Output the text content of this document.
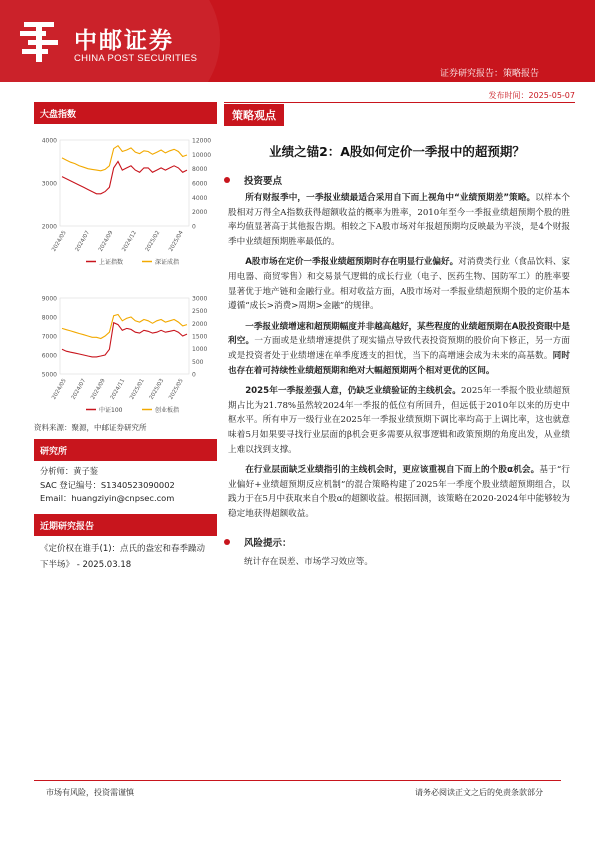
中邮证券
CHINA POST SECURITIES
证券研究报告：策略报告
发布时间：2025-05-07
大盘指数
4000
3000
2000
12000
10000
8000
6000
4000
2000
0
2024/05 2024/07 2024/09 2024/12 2025/02 2025/04
上证指数	深证成指
9000
8000
7000
6000
5000
3000
2500
2000
1500
1000
500
0
2024/05 2024/07 2024/09 2024/11 2025/01 2025/03 2025/05
中证100	创业板指
资料来源：聚源，中邮证券研究所
研究所
分析师：黄子鉴
SAC 登记编号：S1340523090002
Email：huangziyin@cnpsec.com
近期研究报告
《定价权在谁手(1)：点氏的盎宏和春季躁动下半场》 - 2025.03.18
策略观点
业绩之锚2：A股如何定价一季报中的超预期？
投资要点
所有财报季中，一季报业绩最适合采用自下而上视角中“业绩预期差”策略。以样本个股相对万得全A指数获得超额收益的概率为胜率，2010年至今一季报业绩超预期个股的胜率均值显著高于其他报告期。相较之下A股市场对年报超预期均反映最为平淡，是4个财报季中业绩超预期胜率最低的。
A股市场在定价一季报业绩超预期时存在明显行业偏好。对消费类行业（食品饮料、家用电器、商贸零售）和交易景气逻辑的成长行业（电子、医药生物、国防军工）的胜率要显著优于地产链和金融行业。相对收益方面，A股市场对一季报业绩超预期个股的定价基本遵循“成长>消费>周期>金融”的规律。
一季报业绩增速和超预期幅度并非越高越好，某些程度的业绩超预期在A股投资眼中是利空。一方面或是业绩增速提供了现实锚点导致代表投资预期的股价向下修正，另一方面或是投资者处于业绩增速在单季度透支的担忧，当下的高增速会成为未来的高基数。同时也存在着可持续性业绩超预期和绝对大幅超预期两个相对更优的区间。
2025年一季报差强人意，仍缺乏业绩验证的主线机会。2025年一季报个股业绩超预期占比为21.78%虽然较2024年一季报的低位有所回升，但远低于2010年以来的历史中枢水平。所有申万一级行业在2025年一季报业绩预期下调比率均高于上调比率，这也就意味着5月如果要寻找行业层面的β机会更多需要从叙事逻辑和政策预期的角度出发，从业绩上难以找到支撑。
在行业层面缺乏业绩指引的主线机会时，更应该重视自下而上的个股α机会。基于“行业偏好+业绩超预期反应机制”的混合策略构建了2025年一季度个股业绩超预期组合，以践力于在5月中获取来自个股α的超额收益。根据回测，该策略在2020-2024年中能够较为稳定地获得超额收益。
风险提示：
统计存在误差、市场学习效应等。
市场有风险，投资需谨慎	请务必阅读正文之后的免责条款部分
